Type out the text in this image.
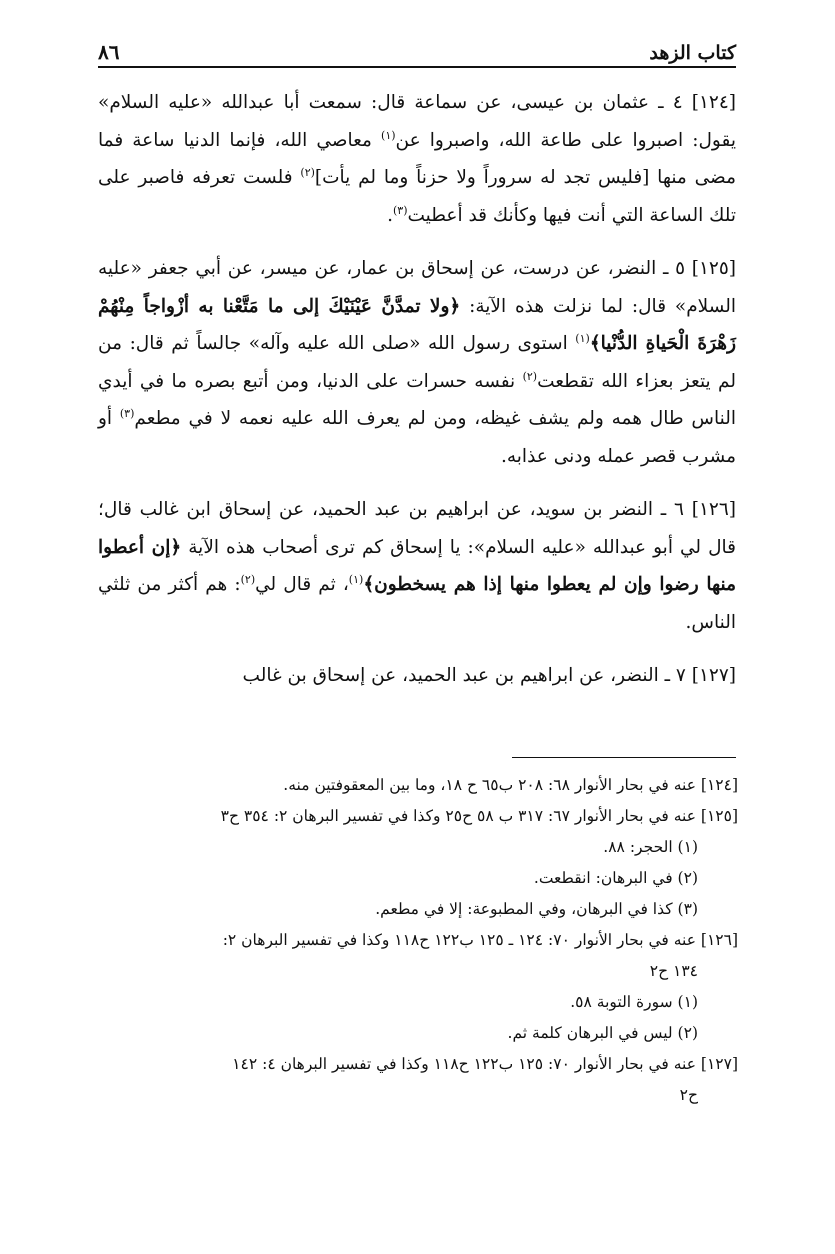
كتاب الزهد
٨٦

[١٢٤] ٤ ـ عثمان بن عيسى، عن سماعة قال: سمعت أبا عبدالله «عليه السلام» يقول: اصبروا على طاعة الله، واصبروا عن$^{(١)}$ معاصي الله، فإنما الدنيا ساعة فما مضى منها [فليس تجد له سروراً ولا حزناً وما لم يأت]$^{(٢)}$ فلست تعرفه فاصبر على تلك الساعة التي أنت فيها وكأنك قد أعطيت$^{(٣)}$.

[١٢٥] ٥ ـ النضر، عن درست، عن إسحاق بن عمار، عن ميسر، عن أبي جعفر «عليه السلام» قال: لما نزلت هذه الآية: ﴿ولا تمدَّنَّ عَيْنَيْكَ إلى ما مَتَّعْنا به أزْواجاً مِنْهُمْ زَهْرَةَ الْحَياةِ الدُّنْيا﴾$^{(١)}$ استوى رسول الله «صلى الله عليه وآله» جالساً ثم قال: من لم يتعز بعزاء الله تقطعت$^{(٢)}$ نفسه حسرات على الدنيا، ومن أتبع بصره ما في أيدي الناس طال همه ولم يشف غيظه، ومن لم يعرف الله عليه نعمه لا في مطعم$^{(٣)}$ أو مشرب قصر عمله ودنى عذابه.

[١٢٦] ٦ ـ النضر بن سويد، عن ابراهيم بن عبد الحميد، عن إسحاق ابن غالب قال؛ قال لي أبو عبدالله «عليه السلام»: يا إسحاق كم ترى أصحاب هذه الآية ﴿إن أعطوا منها رضوا وإن لم يعطوا منها إذا هم يسخطون﴾$^{(١)}$، ثم قال لي$^{(٢)}$: هم أكثر من ثلثي الناس.

[١٢٧] ٧ ـ النضر، عن ابراهيم بن عبد الحميد، عن إسحاق بن غالب

[١٢٤] عنه في بحار الأنوار ٦٨: ٢٠٨ ب٦٥ ح ١٨، وما بين المعقوفتين منه.
[١٢٥] عنه في بحار الأنوار ٦٧: ٣١٧ ب ٥٨ ح٢٥ وكذا في تفسير البرهان ٢: ٣٥٤ ح٣
(١) الحجر: ٨٨.
(٢) في البرهان: انقطعت.
(٣) كذا في البرهان، وفي المطبوعة: إلا في مطعم.
[١٢٦] عنه في بحار الأنوار ٧٠: ١٢٤ ـ ١٢٥ ب١٢٢ ح١١٨ وكذا في تفسير البرهان ٢:
١٣٤ ح٢
(١) سورة التوبة ٥٨.
(٢) ليس في البرهان كلمة ثم.
[١٢٧] عنه في بحار الأنوار ٧٠: ١٢٥ ب١٢٢ ح١١٨ وكذا في تفسير البرهان ٤: ١٤٢
ح٢
